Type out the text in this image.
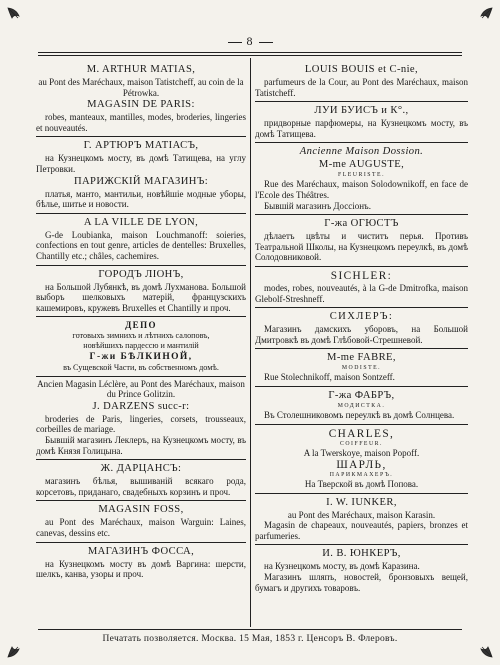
8
M. ARTHUR MATIAS,

au Pont des Maréchaux, maison Tatistcheff, au coin de la Pétrowka.

MAGASIN DE PARIS:

robes, manteaux, mantilles, modes, broderies, lingeries et nouveautés.

Г. АРТЮРЪ МАТІАСЪ,

на Кузнецкомъ мосту, въ домѣ Татищева, на углу Петровки.

ПАРИЖСКІЙ МАГАЗИНЪ:

платья, манто, мантильи, новѣйшіе модные уборы, бѣлье, шитье и новости.

A LA VILLE DE LYON,

G-de Loubianka, maison Louchmanoff: soieries, confections en tout genre, articles de dentelles: Bruxelles, Chantilly etc.; châles, cachemires.

ГОРОДЪ ЛІОНЪ,

на Большой Лубянкѣ, въ домѣ Лухманова. Большой выборъ шелковыхъ матерій, французскихъ кашемировъ, кружевъ Bruxelles et Chantilly и проч.

ДЕПО
готовыхъ зимнихъ и лѣтнихъ салоповъ,
новѣйшихъ пардессю и мантилій
Г-жи БѢЛКИНОЙ,
въ Сущевской Части, въ собственномъ домѣ.

Ancien Magasin Léclère, au Pont des Maréchaux, maison du Prince Golitzin.

J. DARZENS succ-r:

broderies de Paris, lingeries, corsets, trousseaux, corbeilles de mariage.

Бывшій магазинъ Леклеръ, на Кузнецкомъ мосту, въ домѣ Князя Голицына.

Ж. ДАРЦАНСЪ:

магазинъ бѣлья, вышиваній всякаго рода, корсетовъ, приданаго, свадебныхъ корзинъ и проч.

MAGASIN FOSS,

au Pont des Maréchaux, maison Warguin: Laines, canevas, dessins etc.

МАГАЗИНЪ ФОССА,

на Кузнецкомъ мосту въ домѣ Варгина: шерсти, шелкъ, канва, узоры и проч.

LOUIS BOUIS et C-nie,

parfumeurs de la Cour, au Pont des Maréchaux, maison Tatistcheff.

ЛУИ БУИСЪ и К°.,

придворные парфюмеры, на Кузнецкомъ мосту, въ домѣ Татищева.

Ancienne Maison Dossion.
M-me AUGUSTE,
FLEURISTE.

Rue des Maréchaux, maison Solodownikoff, en face de l'Ecole des Théâtres.

Бывшій магазинъ Доссіонъ.

Г-жа ОГЮСТЪ

дѣлаетъ цвѣты и чиститъ перья. Противъ Театральной Школы, на Кузнецкомъ переулкѣ, въ домѣ Солодовниковой.

SICHLER:

modes, robes, nouveautés, à la G-de Dmitrofka, maison Glebolf-Streshneff.

СИХЛЕРЪ:

Магазинъ дамскихъ уборовъ, на Большой Дмитровкѣ въ домѣ Глѣбовой-Стрешневой.

M-me FABRE,
MODISTE.

Rue Stolechnikoff, maison Sontzeff.

Г-жа ФАБРЪ,
МОДИСТКА.

Въ Столешниковомъ переулкѣ въ домѣ Солнцева.

CHARLES,
COIFFEUR.

A la Twerskoye, maison Popoff.

ШАРЛЬ,
ПАРИКМАХЕРЪ.

На Тверской въ домѣ Попова.

I. W. IUNKER,

au Pont des Maréchaux, maison Karasin.

Magasin de chapeaux, nouveautés, papiers, bronzes et parfumeries.

И. В. ЮНКЕРЪ,

на Кузнецкомъ мосту, въ домѣ Каразина.

Магазинъ шляпъ, новостей, бронзовыхъ вещей, бумагъ и другихъ товаровъ.

Печатать позволяется. Москва. 15 Мая, 1853 г. Ценсоръ В. Флеровъ.
